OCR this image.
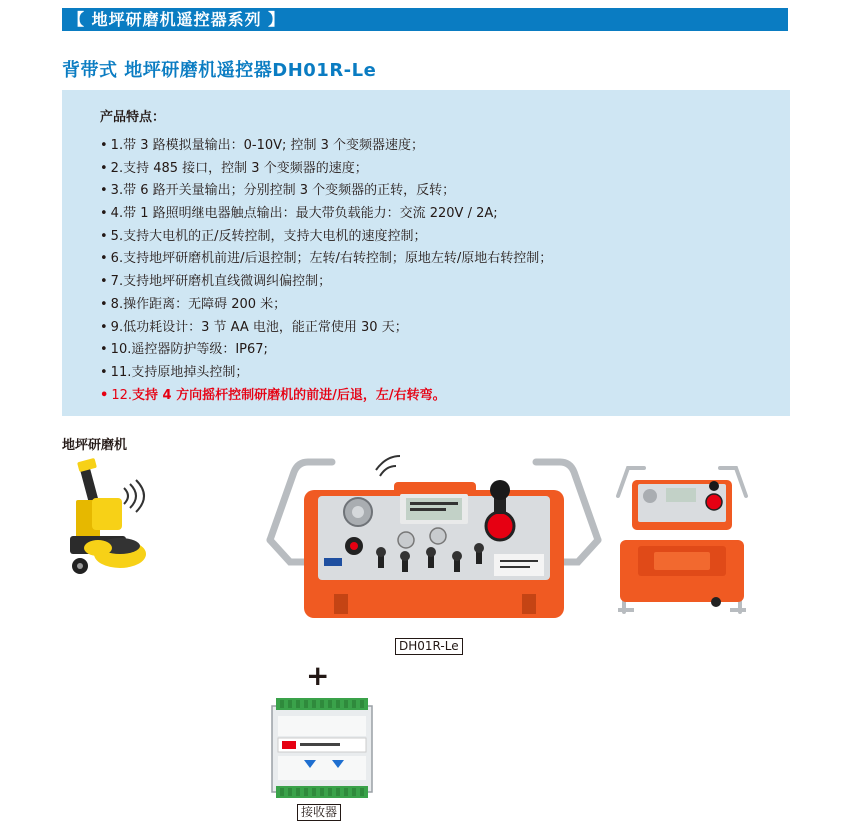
【 地坪研磨机遥控器系列 】
背带式 地坪研磨机遥控器DH01R-Le
产品特点：
• 1.带 3 路模拟量输出：0-10V; 控制 3 个变频器速度；
• 2.支持 485 接口，控制 3 个变频器的速度；
• 3.带 6 路开关量输出；分别控制 3 个变频器的正转，反转；
• 4.带 1 路照明继电器触点输出：最大带负载能力：交流 220V / 2A;
• 5.支持大电机的正/反转控制，支持大电机的速度控制；
• 6.支持地坪研磨机前进/后退控制；左转/右转控制；原地左转/原地右转控制；
• 7.支持地坪研磨机直线微调纠偏控制；
• 8.操作距离：无障碍 200 米；
• 9.低功耗设计：3 节 AA 电池，能正常使用 30 天；
• 10.遥控器防护等级：IP67;
• 11.支持原地掉头控制；
• 12.支持 4 方向摇杆控制研磨机的前进/后退，左/右转弯。
地坪研磨机
DH01R-Le
+
接收器
